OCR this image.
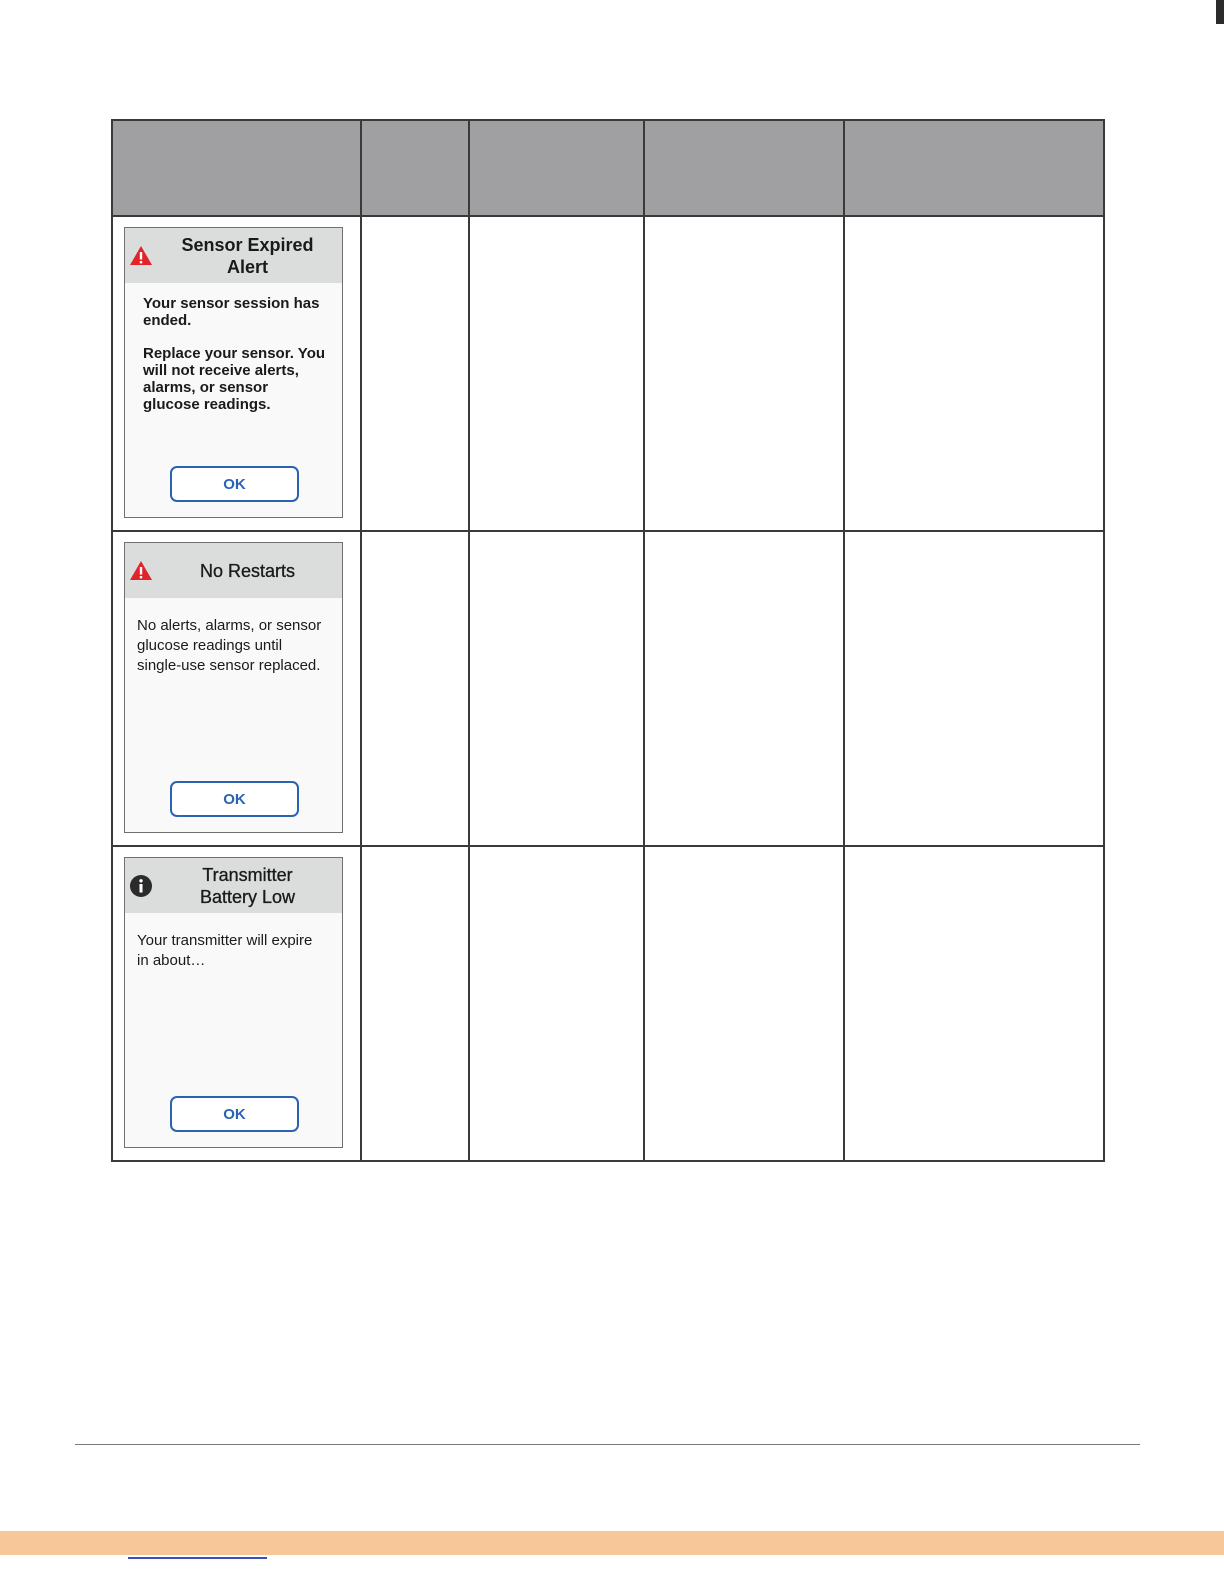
Sensor Expired Alert

Your sensor session has ended.

Replace your sensor. You will not receive alerts, alarms, or sensor glucose readings.

OK				

No Restarts

No alerts, alarms, or sensor glucose readings until single-use sensor replaced.

OK				

Transmitter Battery Low

Your transmitter will expire in about…

OK				
